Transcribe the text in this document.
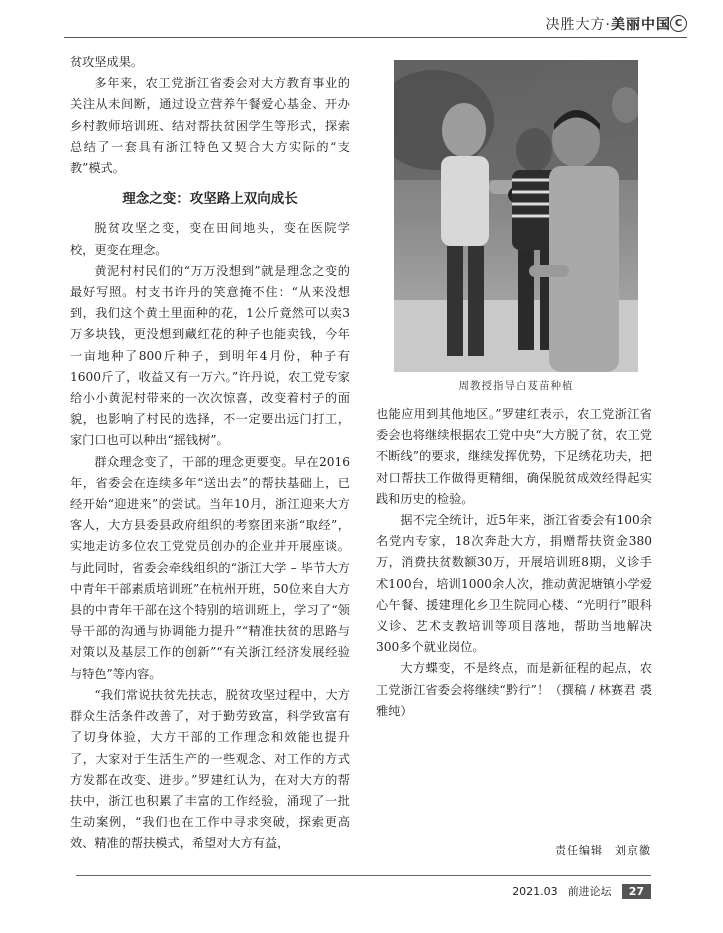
决胜大方·美丽中国 C

贫攻坚成果。

多年来，农工党浙江省委会对大方教育事业的关注从未间断，通过设立营养午餐爱心基金、开办乡村教师培训班、结对帮扶贫困学生等形式，探索总结了一套具有浙江特色又契合大方实际的“支教”模式。

理念之变：攻坚路上双向成长

脱贫攻坚之变，变在田间地头，变在医院学校，更变在理念。

黄泥村村民们的“万万没想到”就是理念之变的最好写照。村支书许丹的笑意掩不住：“从来没想到，我们这个黄土里面种的花，1公斤竟然可以卖3万多块钱，更没想到藏红花的种子也能卖钱，今年一亩地种了800斤种子，到明年4月份，种子有1600斤了，收益又有一万六。”许丹说，农工党专家给小小黄泥村带来的一次次惊喜，改变着村子的面貌，也影响了村民的选择，不一定要出远门打工，家门口也可以种出“摇钱树”。

群众理念变了，干部的理念更要变。早在2016年，省委会在连续多年“送出去”的帮扶基础上，已经开始“迎进来”的尝试。当年10月，浙江迎来大方客人，大方县委县政府组织的考察团来浙“取经”，实地走访多位农工党党员创办的企业并开展座谈。与此同时，省委会牵线组织的“浙江大学 – 毕节大方中青年干部素质培训班”在杭州开班，50位来自大方县的中青年干部在这个特别的培训班上，学习了“领导干部的沟通与协调能力提升”“精准扶贫的思路与对策以及基层工作的创新”“有关浙江经济发展经验与特色”等内容。

“我们常说扶贫先扶志，脱贫攻坚过程中，大方群众生活条件改善了，对于勤劳致富，科学致富有了切身体验，大方干部的工作理念和效能也提升了，大家对于生活生产的一些观念、对工作的方式方发都在改变、进步。”罗建红认为，在对大方的帮扶中，浙江也积累了丰富的工作经验，涌现了一批生动案例，“我们也在工作中寻求突破，探索更高效、精准的帮扶模式，希望对大方有益，

周教授指导白芨苗种植

也能应用到其他地区。”罗建红表示，农工党浙江省委会也将继续根据农工党中央“大方脱了贫，农工党不断线”的要求，继续发挥优势，下足绣花功夫，把对口帮扶工作做得更精细，确保脱贫成效经得起实践和历史的检验。

据不完全统计，近5年来，浙江省委会有100余名党内专家，18次奔赴大方，捐赠帮扶资金380万，消费扶贫数额30万，开展培训班8期，义诊手术100台，培训1000余人次，推动黄泥塘镇小学爱心午餐、援建理化乡卫生院同心楼、“光明行”眼科义诊、艺术支教培训等项目落地，帮助当地解决300多个就业岗位。

大方蝶变，不是终点，而是新征程的起点，农工党浙江省委会将继续“黔行”！（撰稿 / 林赛君 裘雅纯）

责任编辑　刘京徽
2021.03 前进论坛	27
